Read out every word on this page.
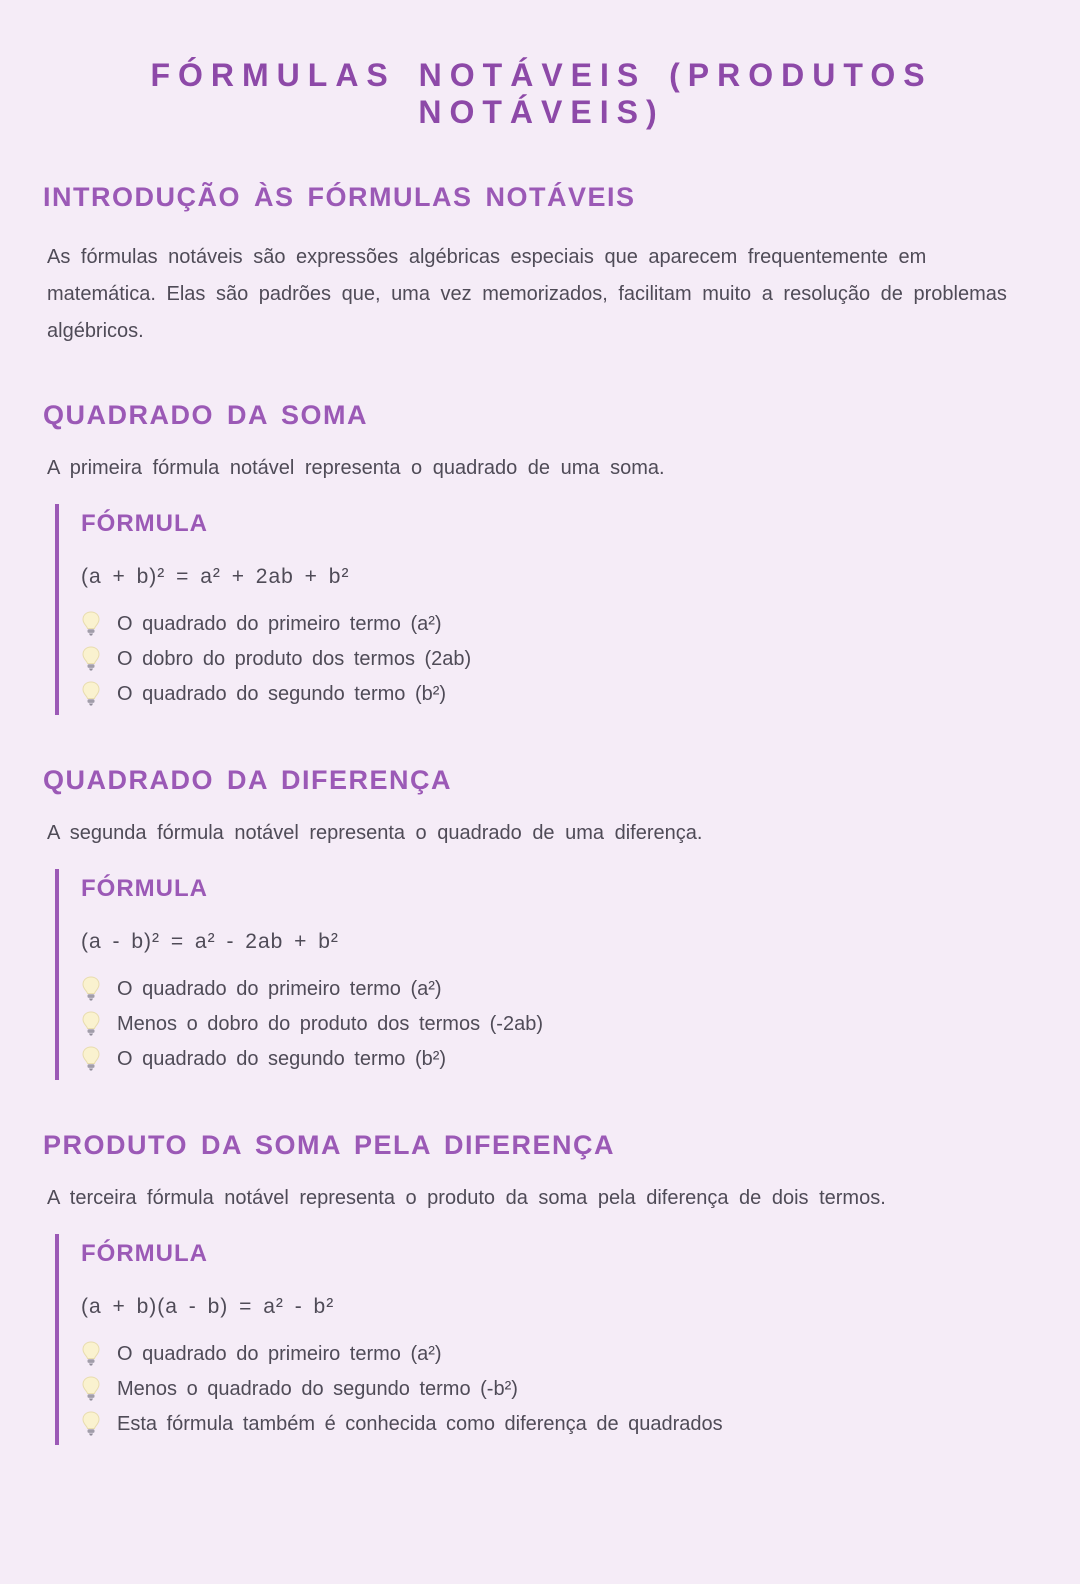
FÓRMULAS NOTÁVEIS (PRODUTOS NOTÁVEIS)
INTRODUÇÃO ÀS FÓRMULAS NOTÁVEIS
As fórmulas notáveis são expressões algébricas especiais que aparecem frequentemente em matemática. Elas são padrões que, uma vez memorizados, facilitam muito a resolução de problemas algébricos.
QUADRADO DA SOMA
A primeira fórmula notável representa o quadrado de uma soma.
FÓRMULA
(a + b)² = a² + 2ab + b²
O quadrado do primeiro termo (a²)
O dobro do produto dos termos (2ab)
O quadrado do segundo termo (b²)
QUADRADO DA DIFERENÇA
A segunda fórmula notável representa o quadrado de uma diferença.
FÓRMULA
(a - b)² = a² - 2ab + b²
O quadrado do primeiro termo (a²)
Menos o dobro do produto dos termos (-2ab)
O quadrado do segundo termo (b²)
PRODUTO DA SOMA PELA DIFERENÇA
A terceira fórmula notável representa o produto da soma pela diferença de dois termos.
FÓRMULA
(a + b)(a - b) = a² - b²
O quadrado do primeiro termo (a²)
Menos o quadrado do segundo termo (-b²)
Esta fórmula também é conhecida como diferença de quadrados
